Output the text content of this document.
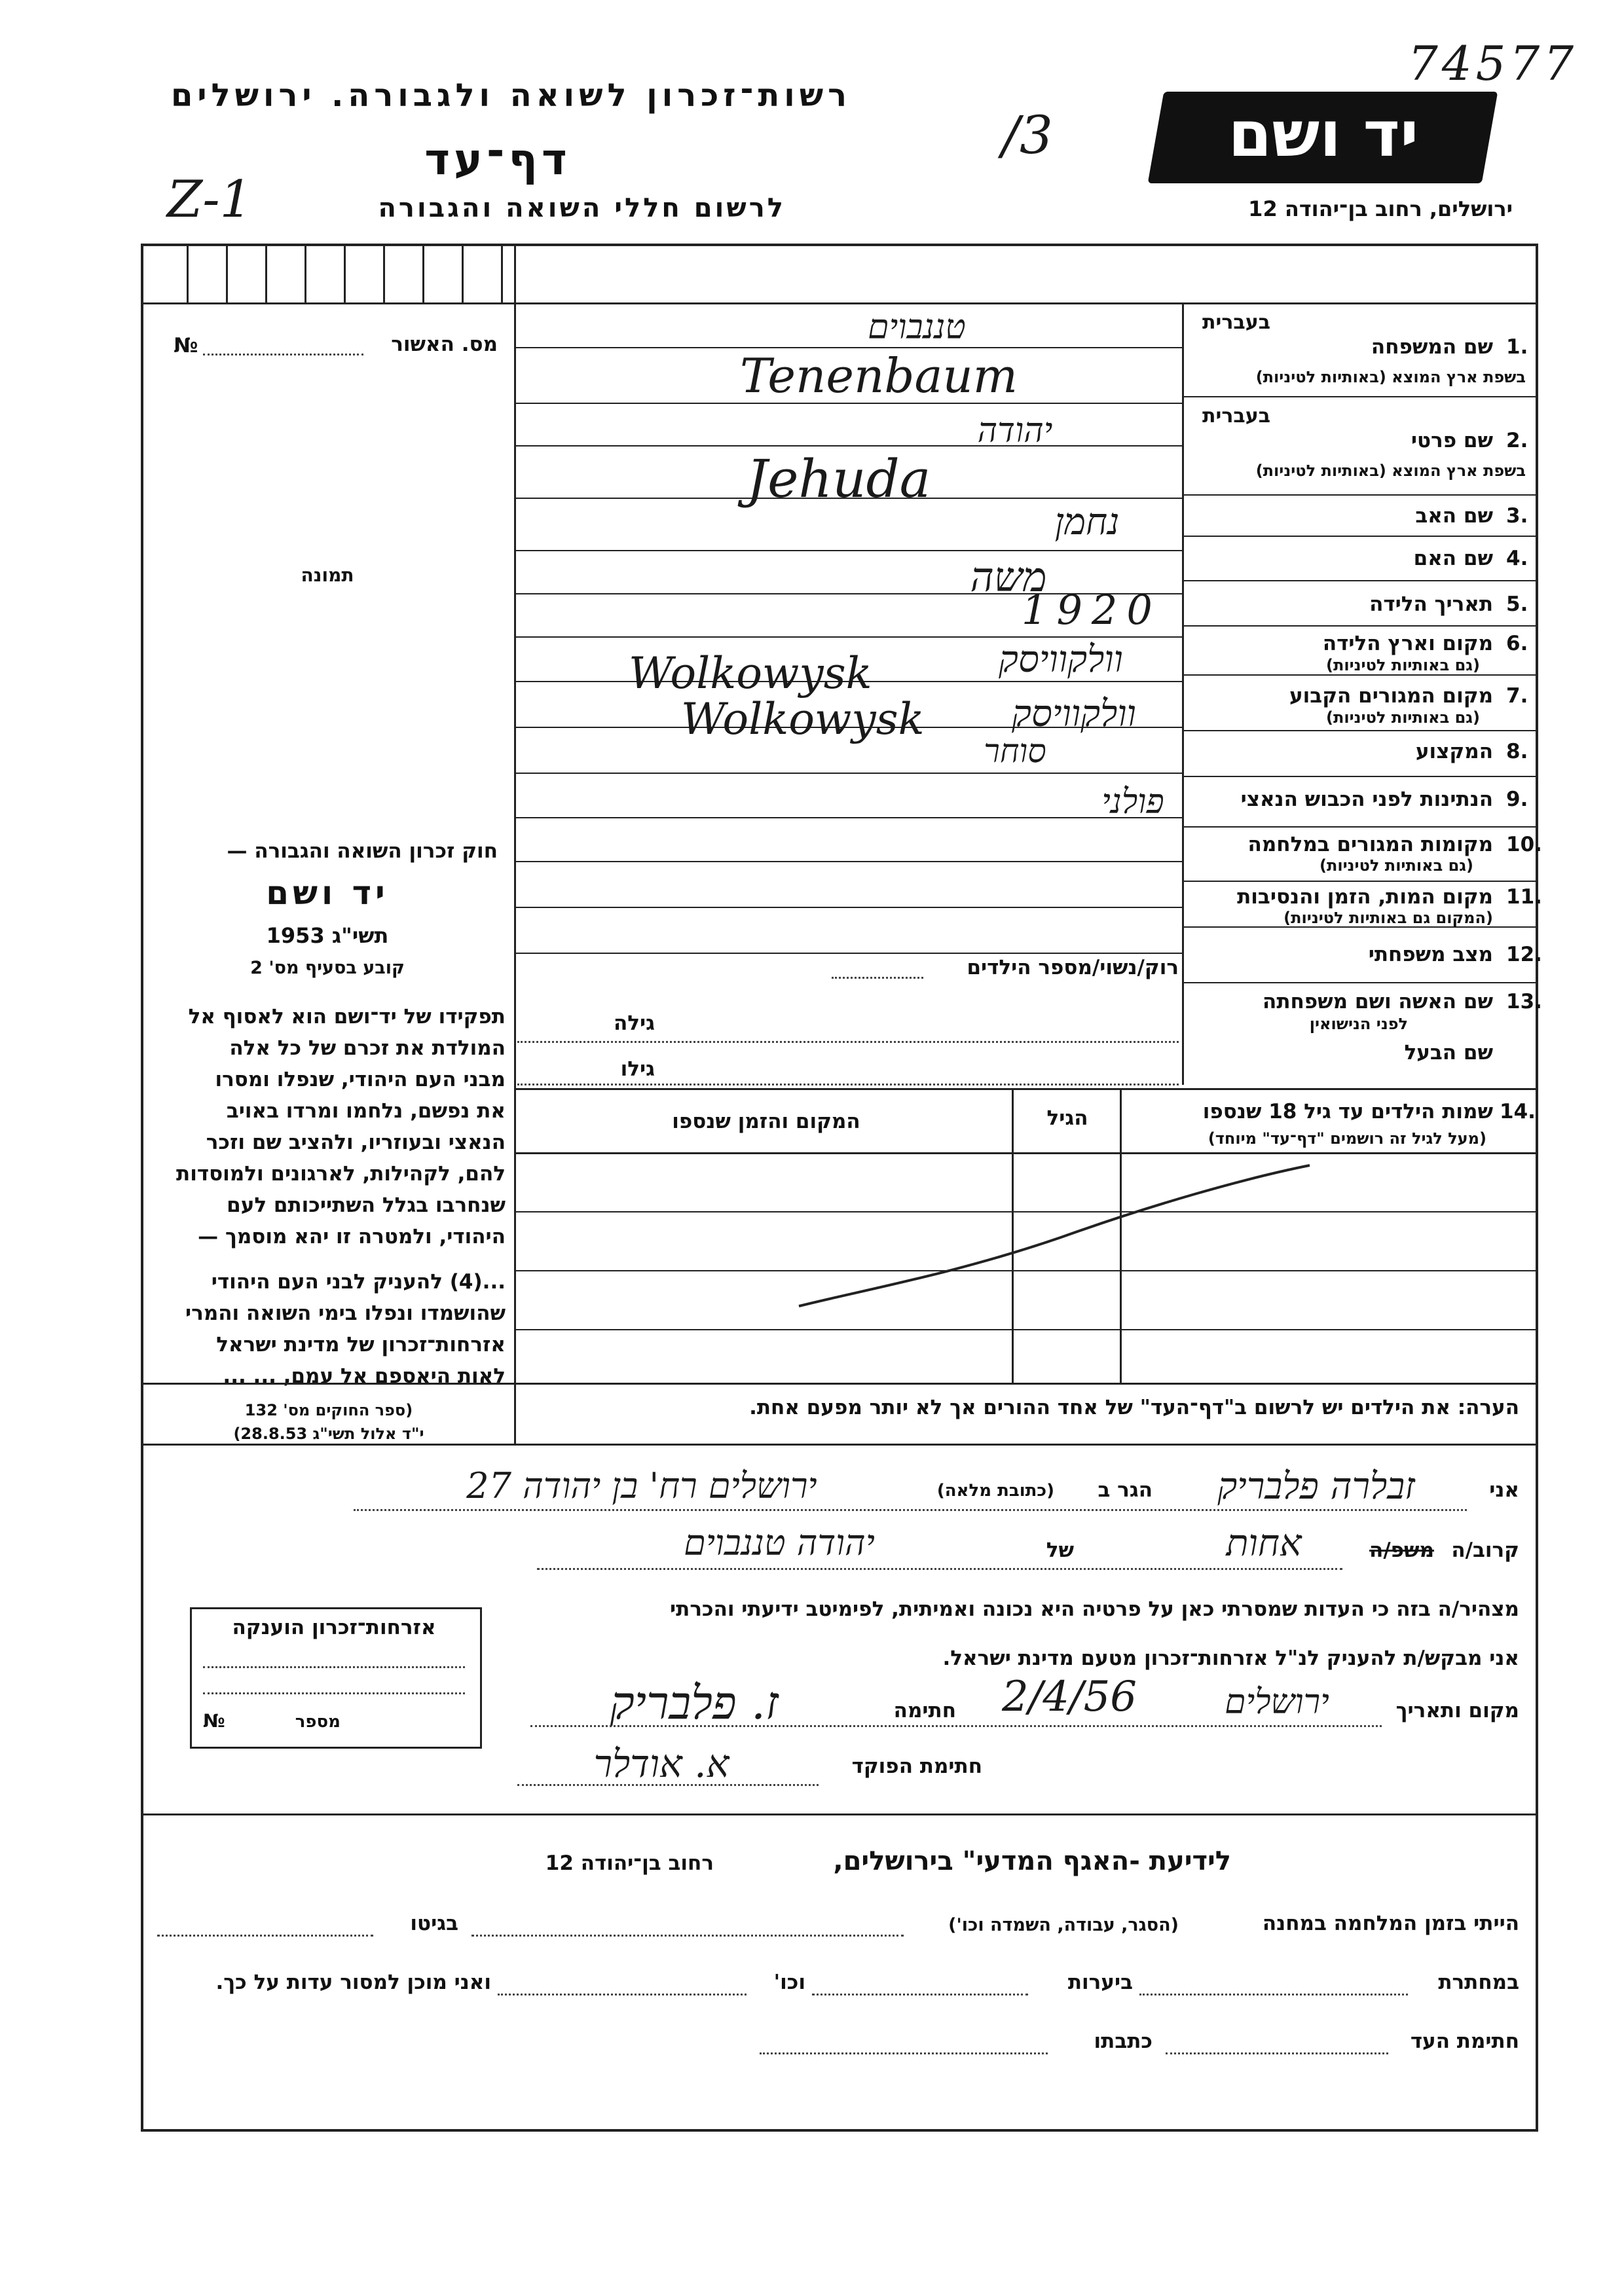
74577
יד ושם
ירושלים, רחוב בן־יהודה 12
רשות־זכרון לשואה ולגבורה. ירושלים
דף־עד
לרשום חללי השואה והגבורה
/3
Z-1
№	מס. האשור
תמונה
חוק זכרון השואה והגבורה —
יד ושם
תשי"ג 1953
קובע בסעיף מס' 2
תפקידו של יד־ושם הוא לאסוף אל
המולדת את זכרם של כל אלה
מבני העם היהודי, שנפלו ומסרו
את נפשם, נלחמו ומרדו באויב
הנאצי ובעוזריו, ולהציב שם וזכר
להם, לקהילות, לארגונים ולמוסדות
שנחרבו בגלל השתייכותם לעם
היהודי, ולמטרה זו יהא מוסמך —
...(4) להעניק לבני העם היהודי
שהושמדו ונפלו בימי השואה והמרי
אזרחות־זכרון של מדינת ישראל
לאות היאספם אל עמם, ... ...
(ספר החוקים מס' 132
י"ד אלול תשי"ג 28.8.53)
בעברית
שם המשפחה 1.
בשפת ארץ המוצא (באותיות לטיניות)
טננבוים
Tenenbaum
בעברית
שם פרטי 2.
בשפת ארץ המוצא (באותיות לטיניות)
יהודה
Jehuda
שם האב 3.
נחמן
שם האם 4.
משה
תאריך הלידה 5.
1920
מקום וארץ הלידה 6.
(גם באותיות לטיניות)
Wolkowysk	וולקוויסק
מקום המגורים הקבוע 7.
(גם באותיות לטיניות)
Wolkowysk	וולקוויסק
המקצוע 8.
סוחר
הנתינות לפני הכבוש הנאצי 9.
פולני
מקומות המגורים במלחמה 10.
(גם באותיות לטיניות)
מקום המות, הזמן והנסיבות 11.
(המקום גם באותיות לטיניות)
מצב משפחתי 12.
רוק/נשוי/מספר הילדים
שם האשה ושם משפחתה 13.
לפני הנישואין
שם הבעל
גילה
גילו
שמות הילדים עד גיל 18 שנספו 14.
(מעל לגיל זה רושמים "דף־עד" מיוחד)
הגיל
המקום והזמן שנספו
הערה: את הילדים יש לרשום ב"דף־העד" של אחד ההורים אך לא יותר מפעם אחת.
אני
זבלרה פלבריק
הגר ב
(כתובת מלאה)
ירושלים רח' בן יהודה 27
קרוב/ה
משפ/ה
אחות
של
יהודה טננבוים
מצהיר/ה בזה כי העדות שמסרתי כאן על פרטיה היא נכונה ואמיתית, לפימיטב ידיעתי והכרתי
אני מבקש/ת להעניק לנ"ל אזרחות־זכרון מטעם מדינת ישראל.
מקום ותאריך
ירושלים
2/4/56
חתימה
ז. פלבריק
חתימת הפוקד
א. אודלר
אזרחות־זכרון הוענקה
מספר
№
לידיעת -האגף המדעי" בירושלים,
רחוב בן־יהודה 12
הייתי בזמן המלחמה במחנה
(הסגר, עבודה, השמדה וכו')
בגיטו
במחתרת
ביערות
וכו'
ואני מוכן למסור עדות על כך.
חתימת העד
כתבתו
